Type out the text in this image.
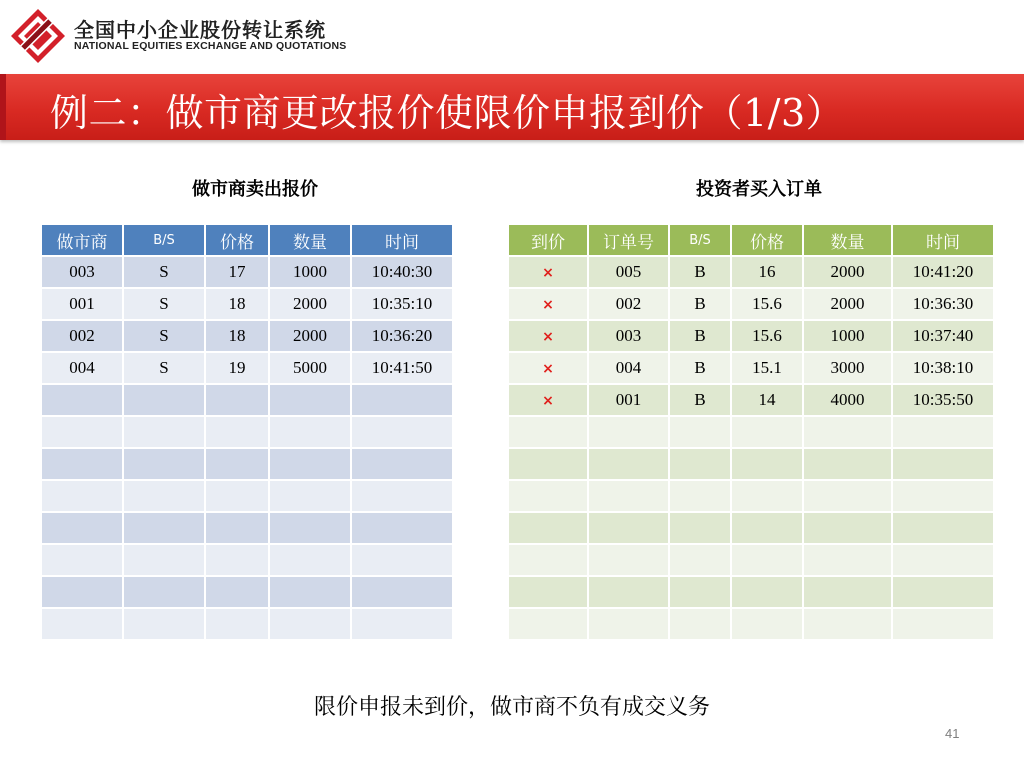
全国中小企业股份转让系统
NATIONAL EQUITIES EXCHANGE AND QUOTATIONS
例二：做市商更改报价使限价申报到价（1/3）
做市商卖出报价	投资者买入订单
做市商	B/S	价格	数量	时间
003	S	17	1000	10:40:30
001	S	18	2000	10:35:10
002	S	18	2000	10:36:20
004	S	19	5000	10:41:50

到价	订单号	B/S	价格	数量	时间
×	005	B	16	2000	10:41:20
×	002	B	15.6	2000	10:36:30
×	003	B	15.6	1000	10:37:40
×	004	B	15.1	3000	10:38:10
×	001	B	14	4000	10:35:50

限价申报未到价，做市商不负有成交义务
41
